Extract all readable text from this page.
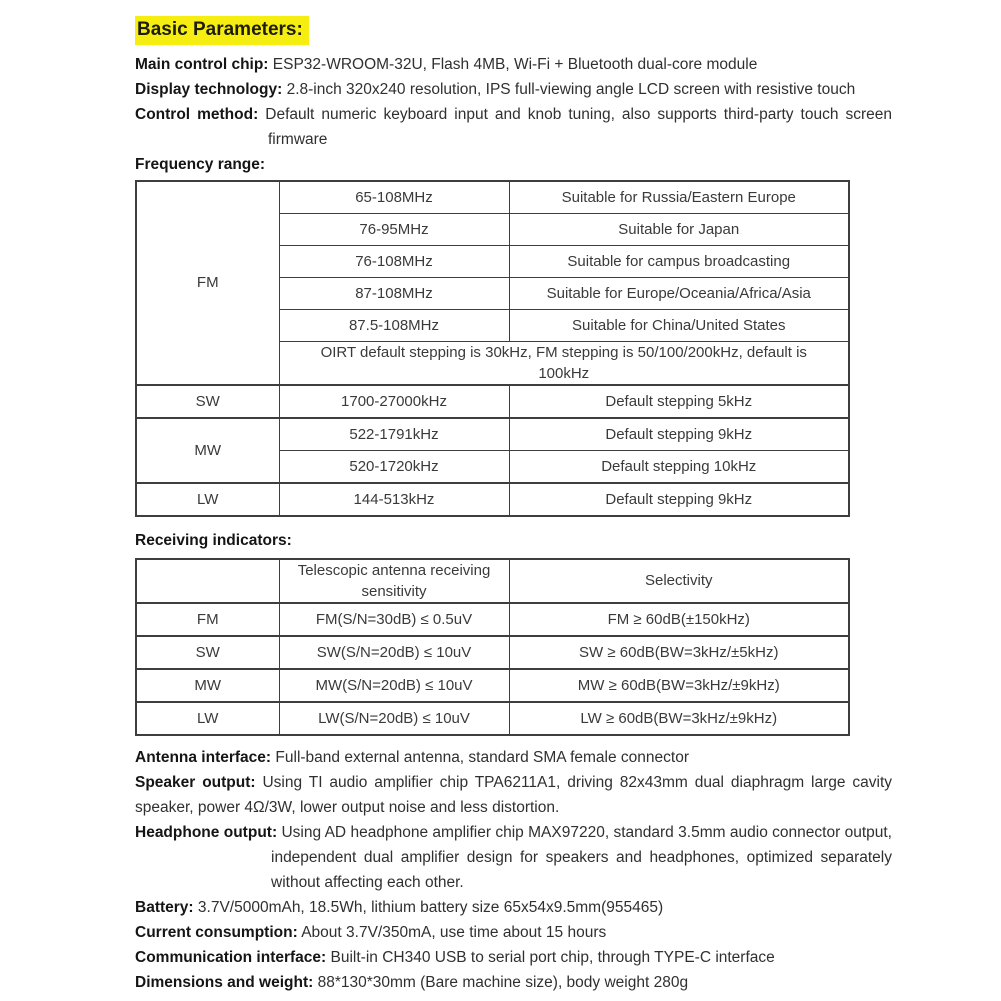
Basic Parameters:

Main control chip: ESP32-WROOM-32U, Flash 4MB, Wi-Fi + Bluetooth dual-core module

Display technology: 2.8-inch 320x240 resolution, IPS full-viewing angle LCD screen with resistive touch

Control method: Default numeric keyboard input and knob tuning, also supports third-party touch screen firmware

Frequency range:
FM	65-108MHz	Suitable for Russia/Eastern Europe
	76-95MHz	Suitable for Japan
	76-108MHz	Suitable for campus broadcasting
	87-108MHz	Suitable for Europe/Oceania/Africa/Asia
	87.5-108MHz	Suitable for China/United States
	OIRT default stepping is 30kHz, FM stepping is 50/100/200kHz, default is 100kHz	
SW	1700-27000kHz	Default stepping 5kHz
MW	522-1791kHz	Default stepping 9kHz
	520-1720kHz	Default stepping 10kHz
LW	144-513kHz	Default stepping 9kHz
Receiving indicators:
	Telescopic antenna receiving sensitivity	Selectivity
FM	FM(S/N=30dB) ≤ 0.5uV	FM ≥ 60dB(±150kHz)
SW	SW(S/N=20dB) ≤ 10uV	SW ≥ 60dB(BW=3kHz/±5kHz)
MW	MW(S/N=20dB) ≤ 10uV	MW ≥ 60dB(BW=3kHz/±9kHz)
LW	LW(S/N=20dB) ≤ 10uV	LW ≥ 60dB(BW=3kHz/±9kHz)

Antenna interface: Full-band external antenna, standard SMA female connector

Speaker output: Using TI audio amplifier chip TPA6211A1, driving 82x43mm dual diaphragm large cavity speaker, power 4Ω/3W, lower output noise and less distortion.

Headphone output: Using AD headphone amplifier chip MAX97220, standard 3.5mm audio connector output, independent dual amplifier design for speakers and headphones, optimized separately without affecting each other.

Battery: 3.7V/5000mAh, 18.5Wh, lithium battery size 65x54x9.5mm(955465)

Current consumption: About 3.7V/350mA, use time about 15 hours

Communication interface: Built-in CH340 USB to serial port chip, through TYPE-C interface

Dimensions and weight: 88*130*30mm (Bare machine size), body weight 280g
